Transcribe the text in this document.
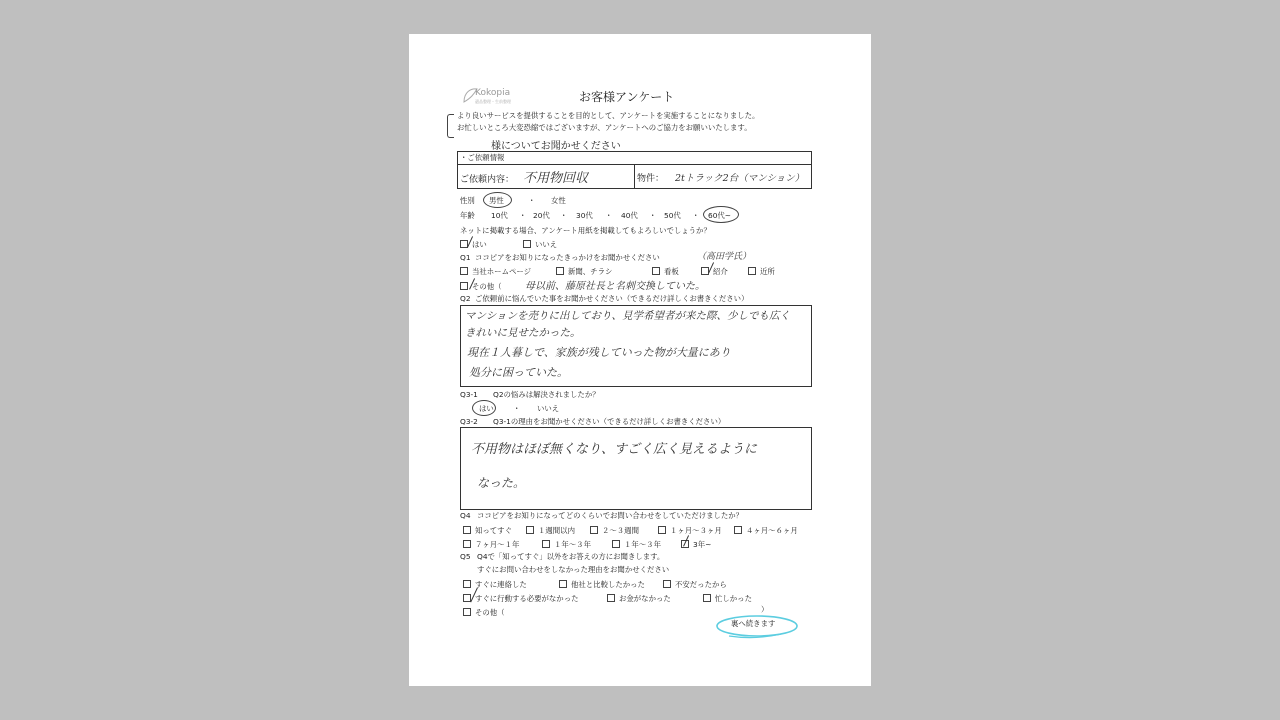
Kokopia
遺品整理・生前整理	お客様アンケート
より良いサービスを提供することを目的として、アンケートを実施することになりました。
お忙しいところ大変恐縮ではございますが、アンケートへのご協力をお願いいたします。
様についてお聞かせください
・ご依頼情報
ご依頼内容： 不用物回収	物件： 2tトラック2台（マンション）
性別 男性	・ 女性
年齢 10代 ・ 20代 ・ 30代 ・ 40代 ・ 50代 ・ 60代~
ネットに掲載する場合、アンケート用紙を掲載してもよろしいでしょうか？
はい	いいえ
Q1 ココピアをお知りになったきっかけをお聞かせください	（高田学氏）
当社ホームページ	新聞、チラシ	看板	紹介	近所
その他（ 母以前、藤原社長と名刺交換していた。
Q2 ご依頼前に悩んでいた事をお聞かせください（できるだけ詳しくお書きください）
マンションを売りに出しており、見学希望者が来た際、少しでも広く
きれいに見せたかった。
現在１人暮しで、家族が残していった物が大量にあり
処分に困っていた。
Q3-1 Q2の悩みは解決されましたか？
はい	・ いいえ
Q3-2 Q3-1の理由をお聞かせください（できるだけ詳しくお書きください）
不用物はほぼ無くなり、すごく広く見えるように
なった。
Q4 ココピアをお知りになってどのくらいでお問い合わせをしていただけましたか？
知ってすぐ	１週間以内	２～３週間	１ヶ月～３ヶ月	４ヶ月～６ヶ月
７ヶ月～１年	１年～３年	１年～３年	3年~
Q5 Q4で「知ってすぐ」以外をお答えの方にお聞きします。
すぐにお問い合わせをしなかった理由をお聞かせください
すぐに連絡した	他社と比較したかった	不安だったから
すぐに行動する必要がなかった	お金がなかった	忙しかった
その他（	）
裏へ続きます
